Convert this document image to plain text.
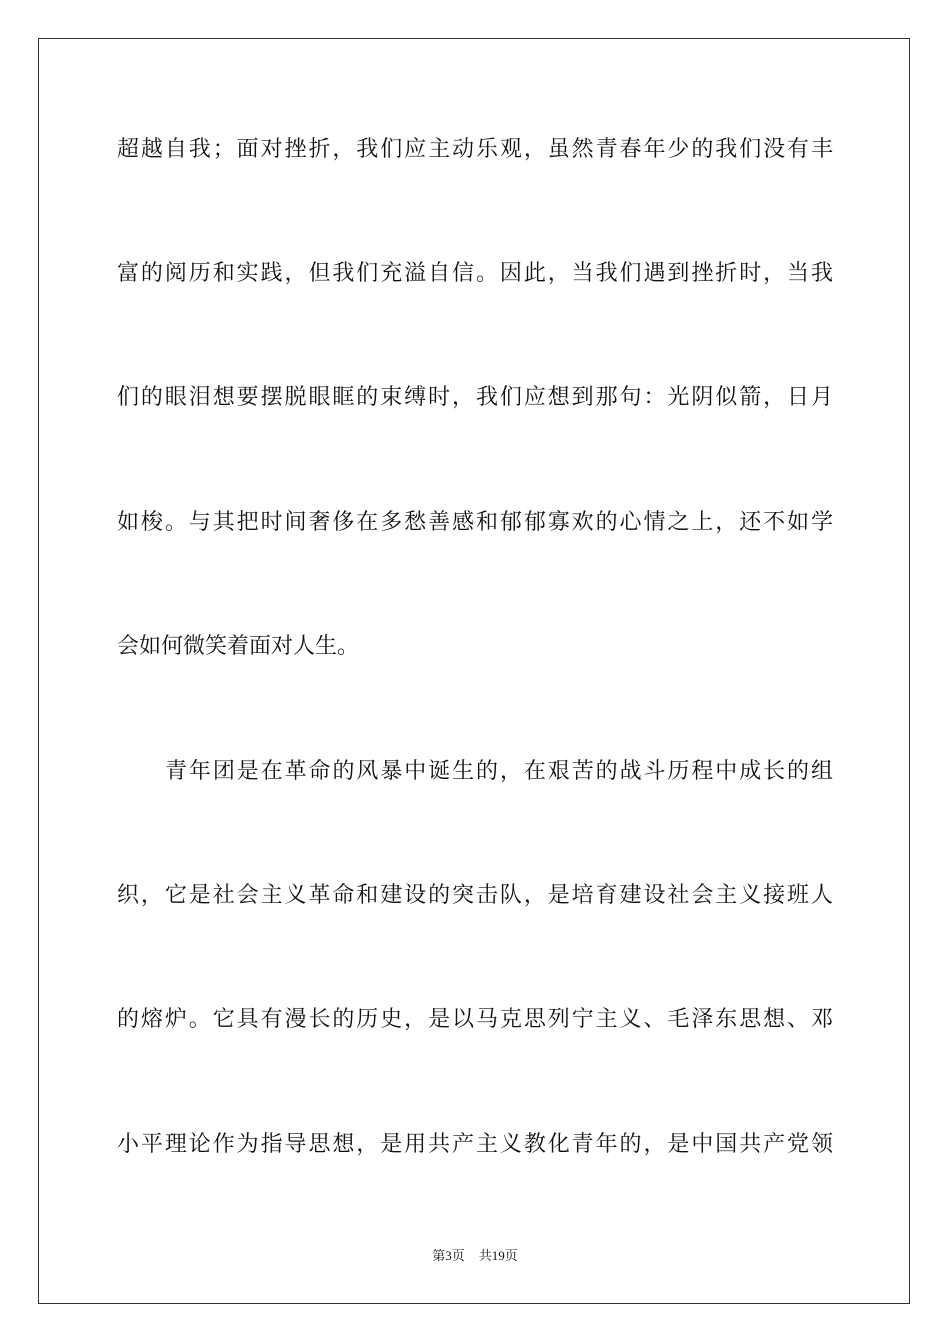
超越自我；面对挫折，我们应主动乐观，虽然青春年少的我们没有丰
富的阅历和实践，但我们充溢自信。因此，当我们遇到挫折时，当我
们的眼泪想要摆脱眼眶的束缚时，我们应想到那句：光阴似箭，日月
如梭。与其把时间奢侈在多愁善感和郁郁寡欢的心情之上，还不如学
会如何微笑着面对人生。
青年团是在革命的风暴中诞生的，在艰苦的战斗历程中成长的组
织，它是社会主义革命和建设的突击队，是培育建设社会主义接班人
的熔炉。它具有漫长的历史，是以马克思列宁主义、毛泽东思想、邓
小平理论作为指导思想，是用共产主义教化青年的，是中国共产党领
第3页 共19页
